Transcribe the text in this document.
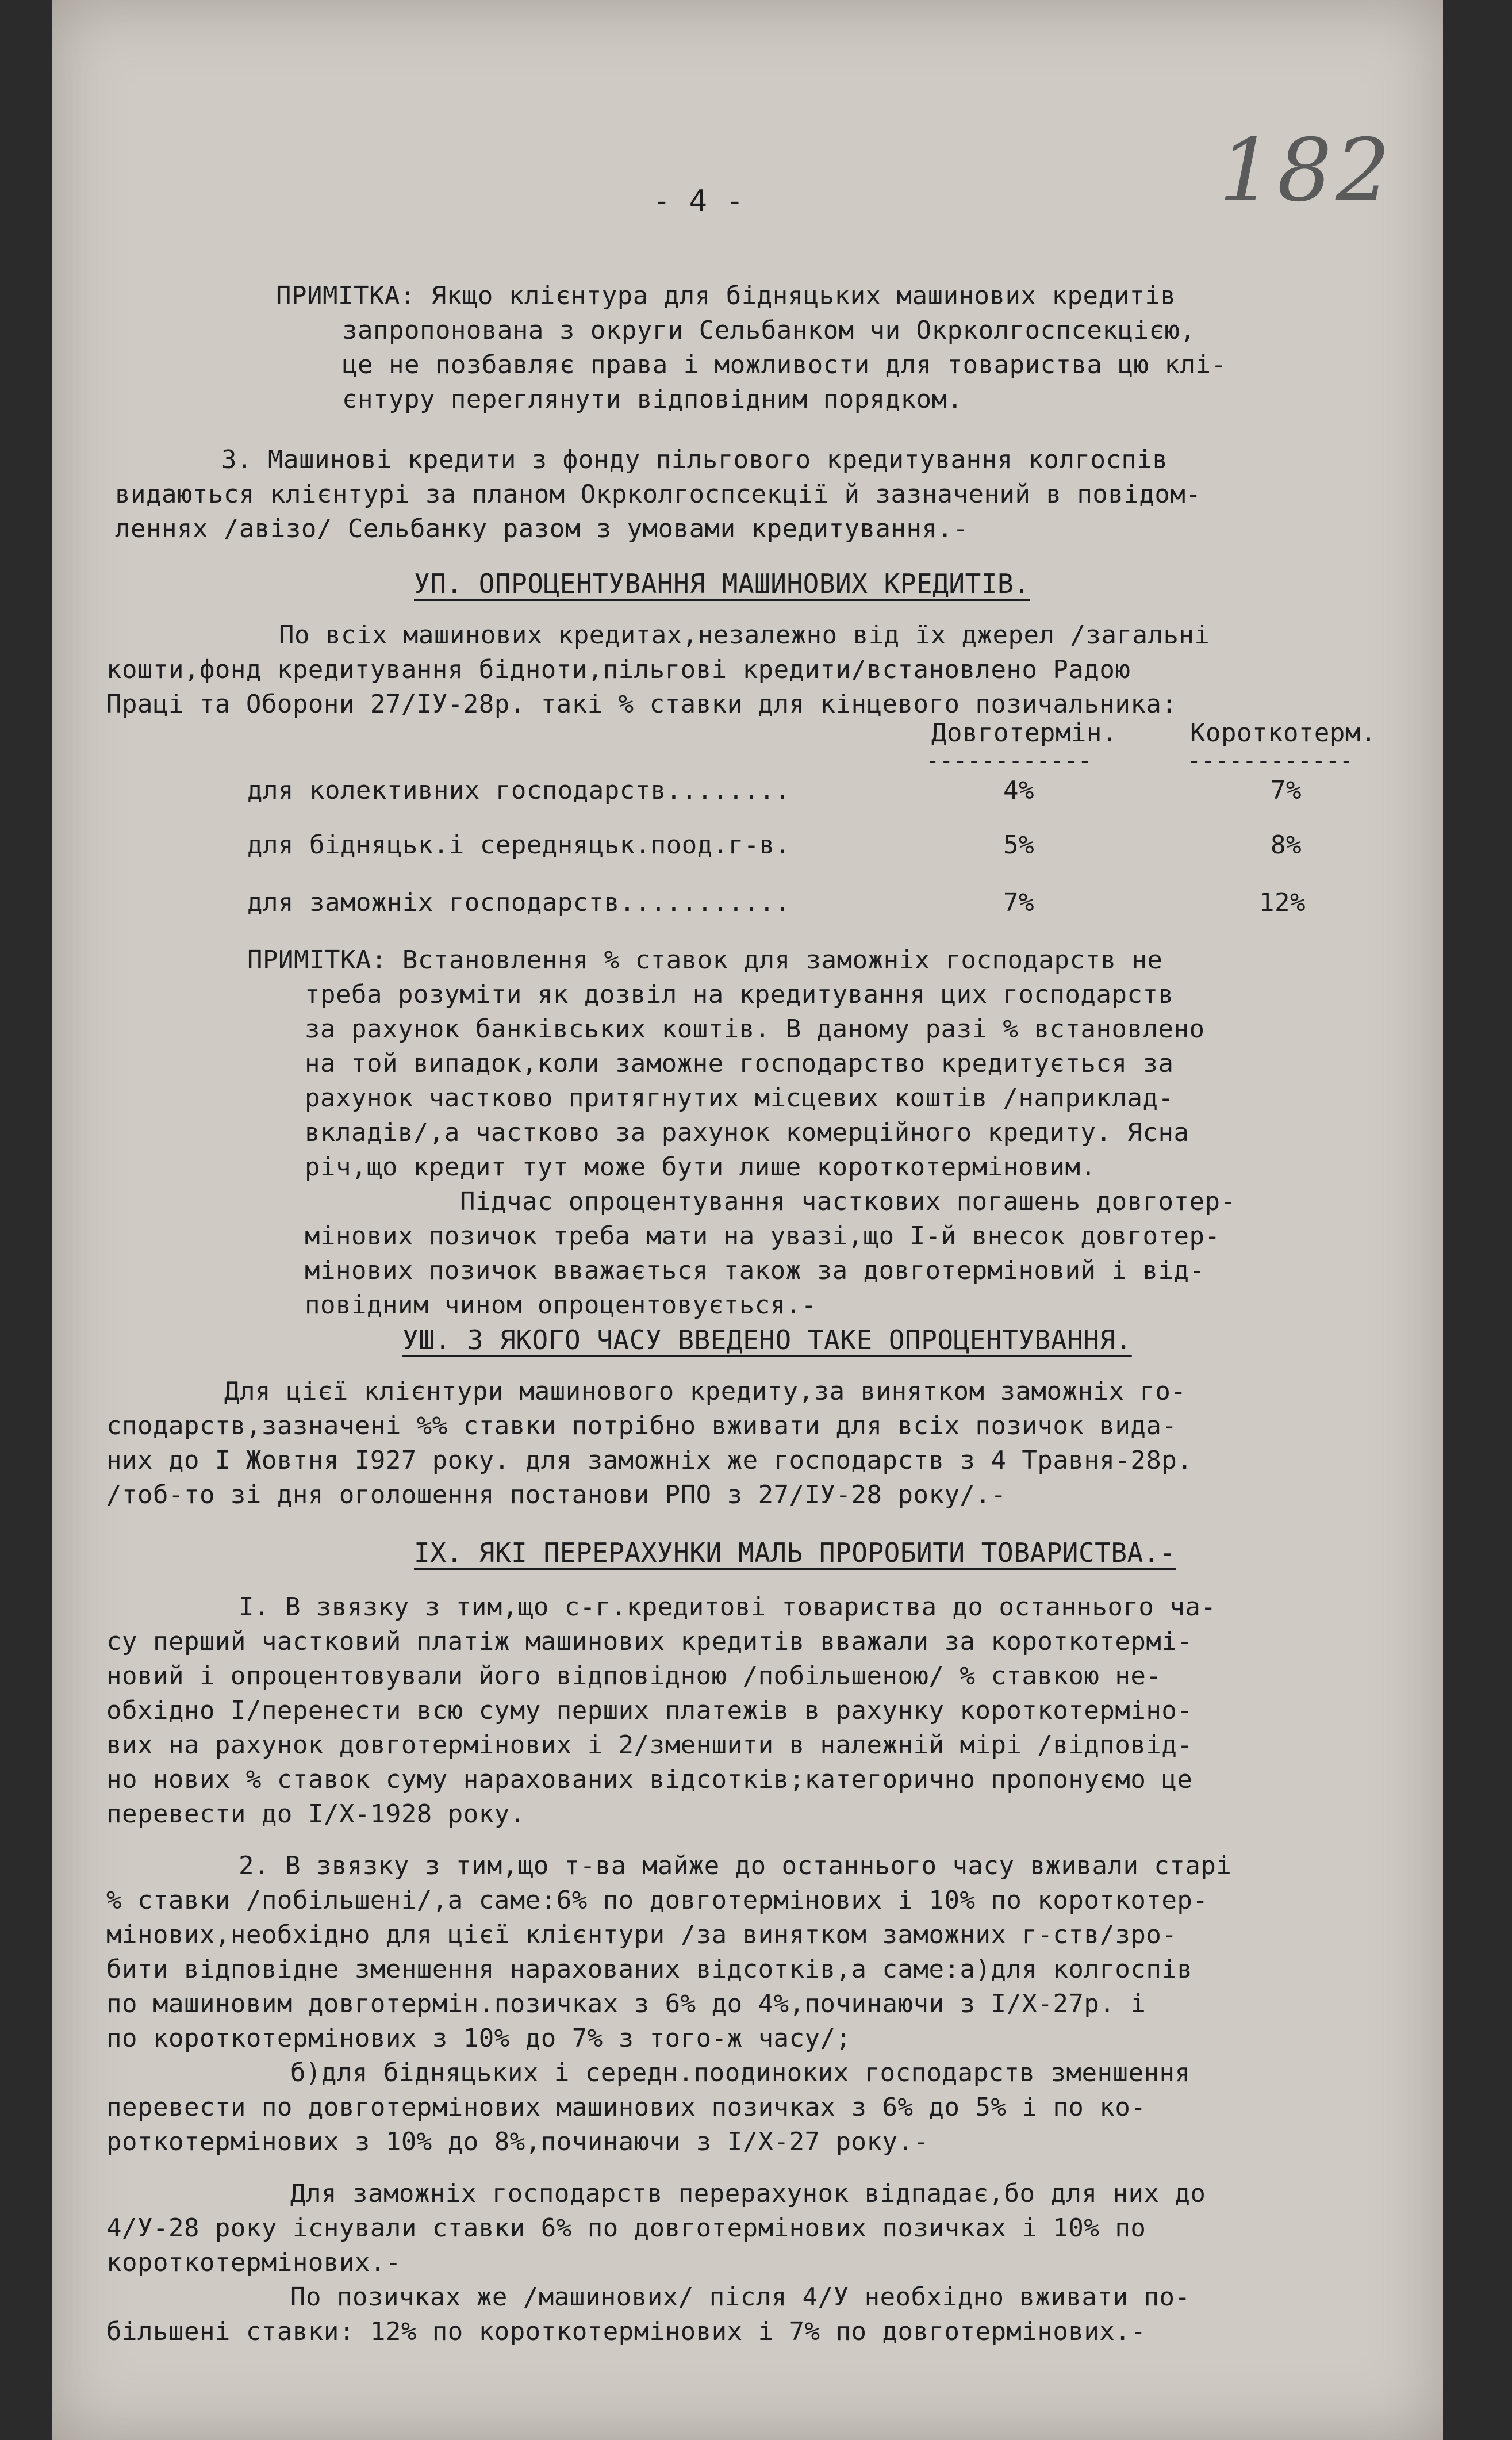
182
- 4 -
ПРИМІТКА: Якщо клієнтура для бідняцьких машинових кредитів
запропонована з округи Сельбанком чи Окрколгоспсекцією,
це не позбавляє права і можливости для товариства цю клі-
єнтуру переглянути відповідним порядком.
3. Машинові кредити з фонду пільгового кредитування колгоспів
видаються клієнтурі за планом Окрколгоспсекції й зазначений в повідом-
леннях /авізо/ Сельбанку разом з умовами кредитування.-
УП. ОПРОЦЕНТУВАННЯ МАШИНОВИХ КРЕДИТІВ.
По всіх машинових кредитах,незалежно від їх джерел /загальні
кошти,фонд кредитування бідноти,пільгові кредити/встановлено Радою
Праці та Оборони 27/IУ-28р. такі % ставки для кінцевого позичальника:
Довготермін.	Короткотерм.
------------	------------
для колективних господарств........	4%	7%
для бідняцьк.і середняцьк.поод.г-в.	5%	8%
для заможніх господарств...........	7%	12%
ПРИМІТКА: Встановлення % ставок для заможніх господарств не
треба розуміти як дозвіл на кредитування цих господарств
за рахунок банківських коштів. В даному разі % встановлено
на той випадок,коли заможне господарство кредитується за
рахунок частково притягнутих місцевих коштів /наприклад-
вкладів/,а частково за рахунок комерційного кредиту. Ясна
річ,що кредит тут може бути лише короткотерміновим.
Підчас опроцентування часткових погашень довготер-
мінових позичок треба мати на увазі,що I-й внесок довготер-
мінових позичок вважається також за довготерміновий і від-
повідним чином опроцентовується.-
УШ. З ЯКОГО ЧАСУ ВВЕДЕНО ТАКЕ ОПРОЦЕНТУВАННЯ.
Для цієї клієнтури машинового кредиту,за винятком заможніх го-
сподарств,зазначені %% ставки потрібно вживати для всіх позичок вида-
них до I Жовтня I927 року. для заможніх же господарств з 4 Травня-28р.
/тоб-то зі дня оголошення постанови РПО з 27/IУ-28 року/.-
IX. ЯКІ ПЕРЕРАХУНКИ МАЛЬ ПРОРОБИТИ ТОВАРИСТВА.-
I. В звязку з тим,що с-г.кредитові товариства до останнього ча-
су перший частковий платіж машинових кредитів вважали за короткотермі-
новий і опроцентовували його відповідною /побільшеною/ % ставкою не-
обхідно I/перенести всю суму перших платежів в рахунку короткотерміно-
вих на рахунок довготермінових і 2/зменшити в належній мірі /відповід-
но нових % ставок суму нарахованих відсотків;категорично пропонуємо це
перевести до I/X-1928 року.
2. В звязку з тим,що т-ва майже до останнього часу вживали старі
% ставки /побільшені/,а саме:6% по довготермінових і 10% по короткотер-
мінових,необхідно для цієї клієнтури /за винятком заможних г-ств/зро-
бити відповідне зменшення нарахованих відсотків,а саме:а)для колгоспів
по машиновим довготермін.позичках з 6% до 4%,починаючи з I/X-27р. і
по короткотермінових з 10% до 7% з того-ж часу/;
б)для бідняцьких і середн.поодиноких господарств зменшення
перевести по довготермінових машинових позичках з 6% до 5% і по ко-
роткотермінових з 10% до 8%,починаючи з I/X-27 року.-
Для заможніх господарств перерахунок відпадає,бо для них до
4/У-28 року існували ставки 6% по довготермінових позичках і 10% по
короткотермінових.-
По позичках же /машинових/ після 4/У необхідно вживати по-
більшені ставки: 12% по короткотермінових і 7% по довготермінових.-
